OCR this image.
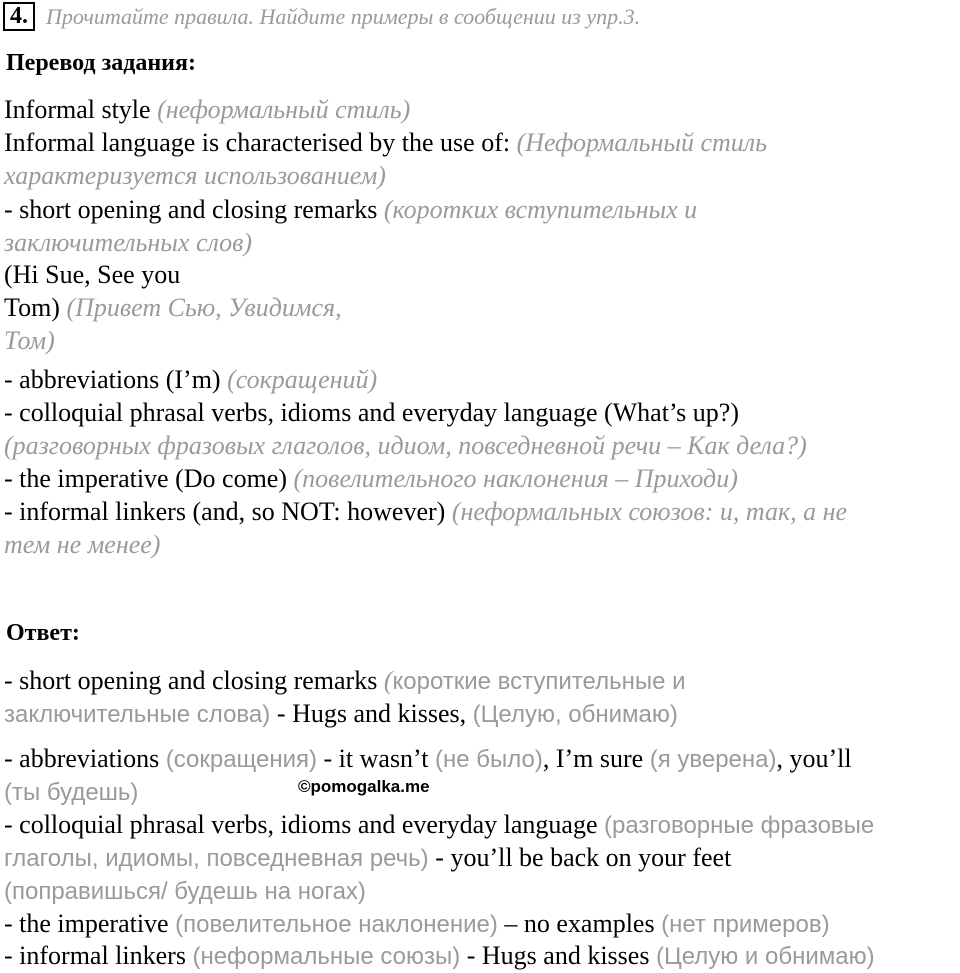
4. Прочитайте правила. Найдите примеры в сообщении из упр.3.
Перевод задания:
Informal style (неформальный стиль)
Informal language is characterised by the use of: (Неформальный стиль
характеризуется использованием)
- short opening and closing remarks (коротких вступительных и
заключительных слов)
(Hi Sue, See you
Tom) (Привет Сью, Увидимся,
Том)
- abbreviations (I’m) (сокращений)
- colloquial phrasal verbs, idioms and everyday language (What’s up?)
(разговорных фразовых глаголов, идиом, повседневной речи – Как дела?)
- the imperative (Do come) (повелительного наклонения – Приходи)
- informal linkers (and, so NOT: however) (неформальных союзов: и, так, а не
тем не менее)
Ответ:
- short opening and closing remarks (короткие вступительные и
заключительные слова) - Hugs and kisses, (Целую, обнимаю)
- abbreviations (сокращения) - it wasn’t (не было), I’m sure (я уверена), you’ll
(ты будешь)	©pomogalka.me
- colloquial phrasal verbs, idioms and everyday language (разговорные фразовые
глаголы, идиомы, повседневная речь) - you’ll be back on your feet
(поправишься/ будешь на ногах)
- the imperative (повелительное наклонение) – no examples (нет примеров)
- informal linkers (неформальные союзы) - Hugs and kisses (Целую и обнимаю)
